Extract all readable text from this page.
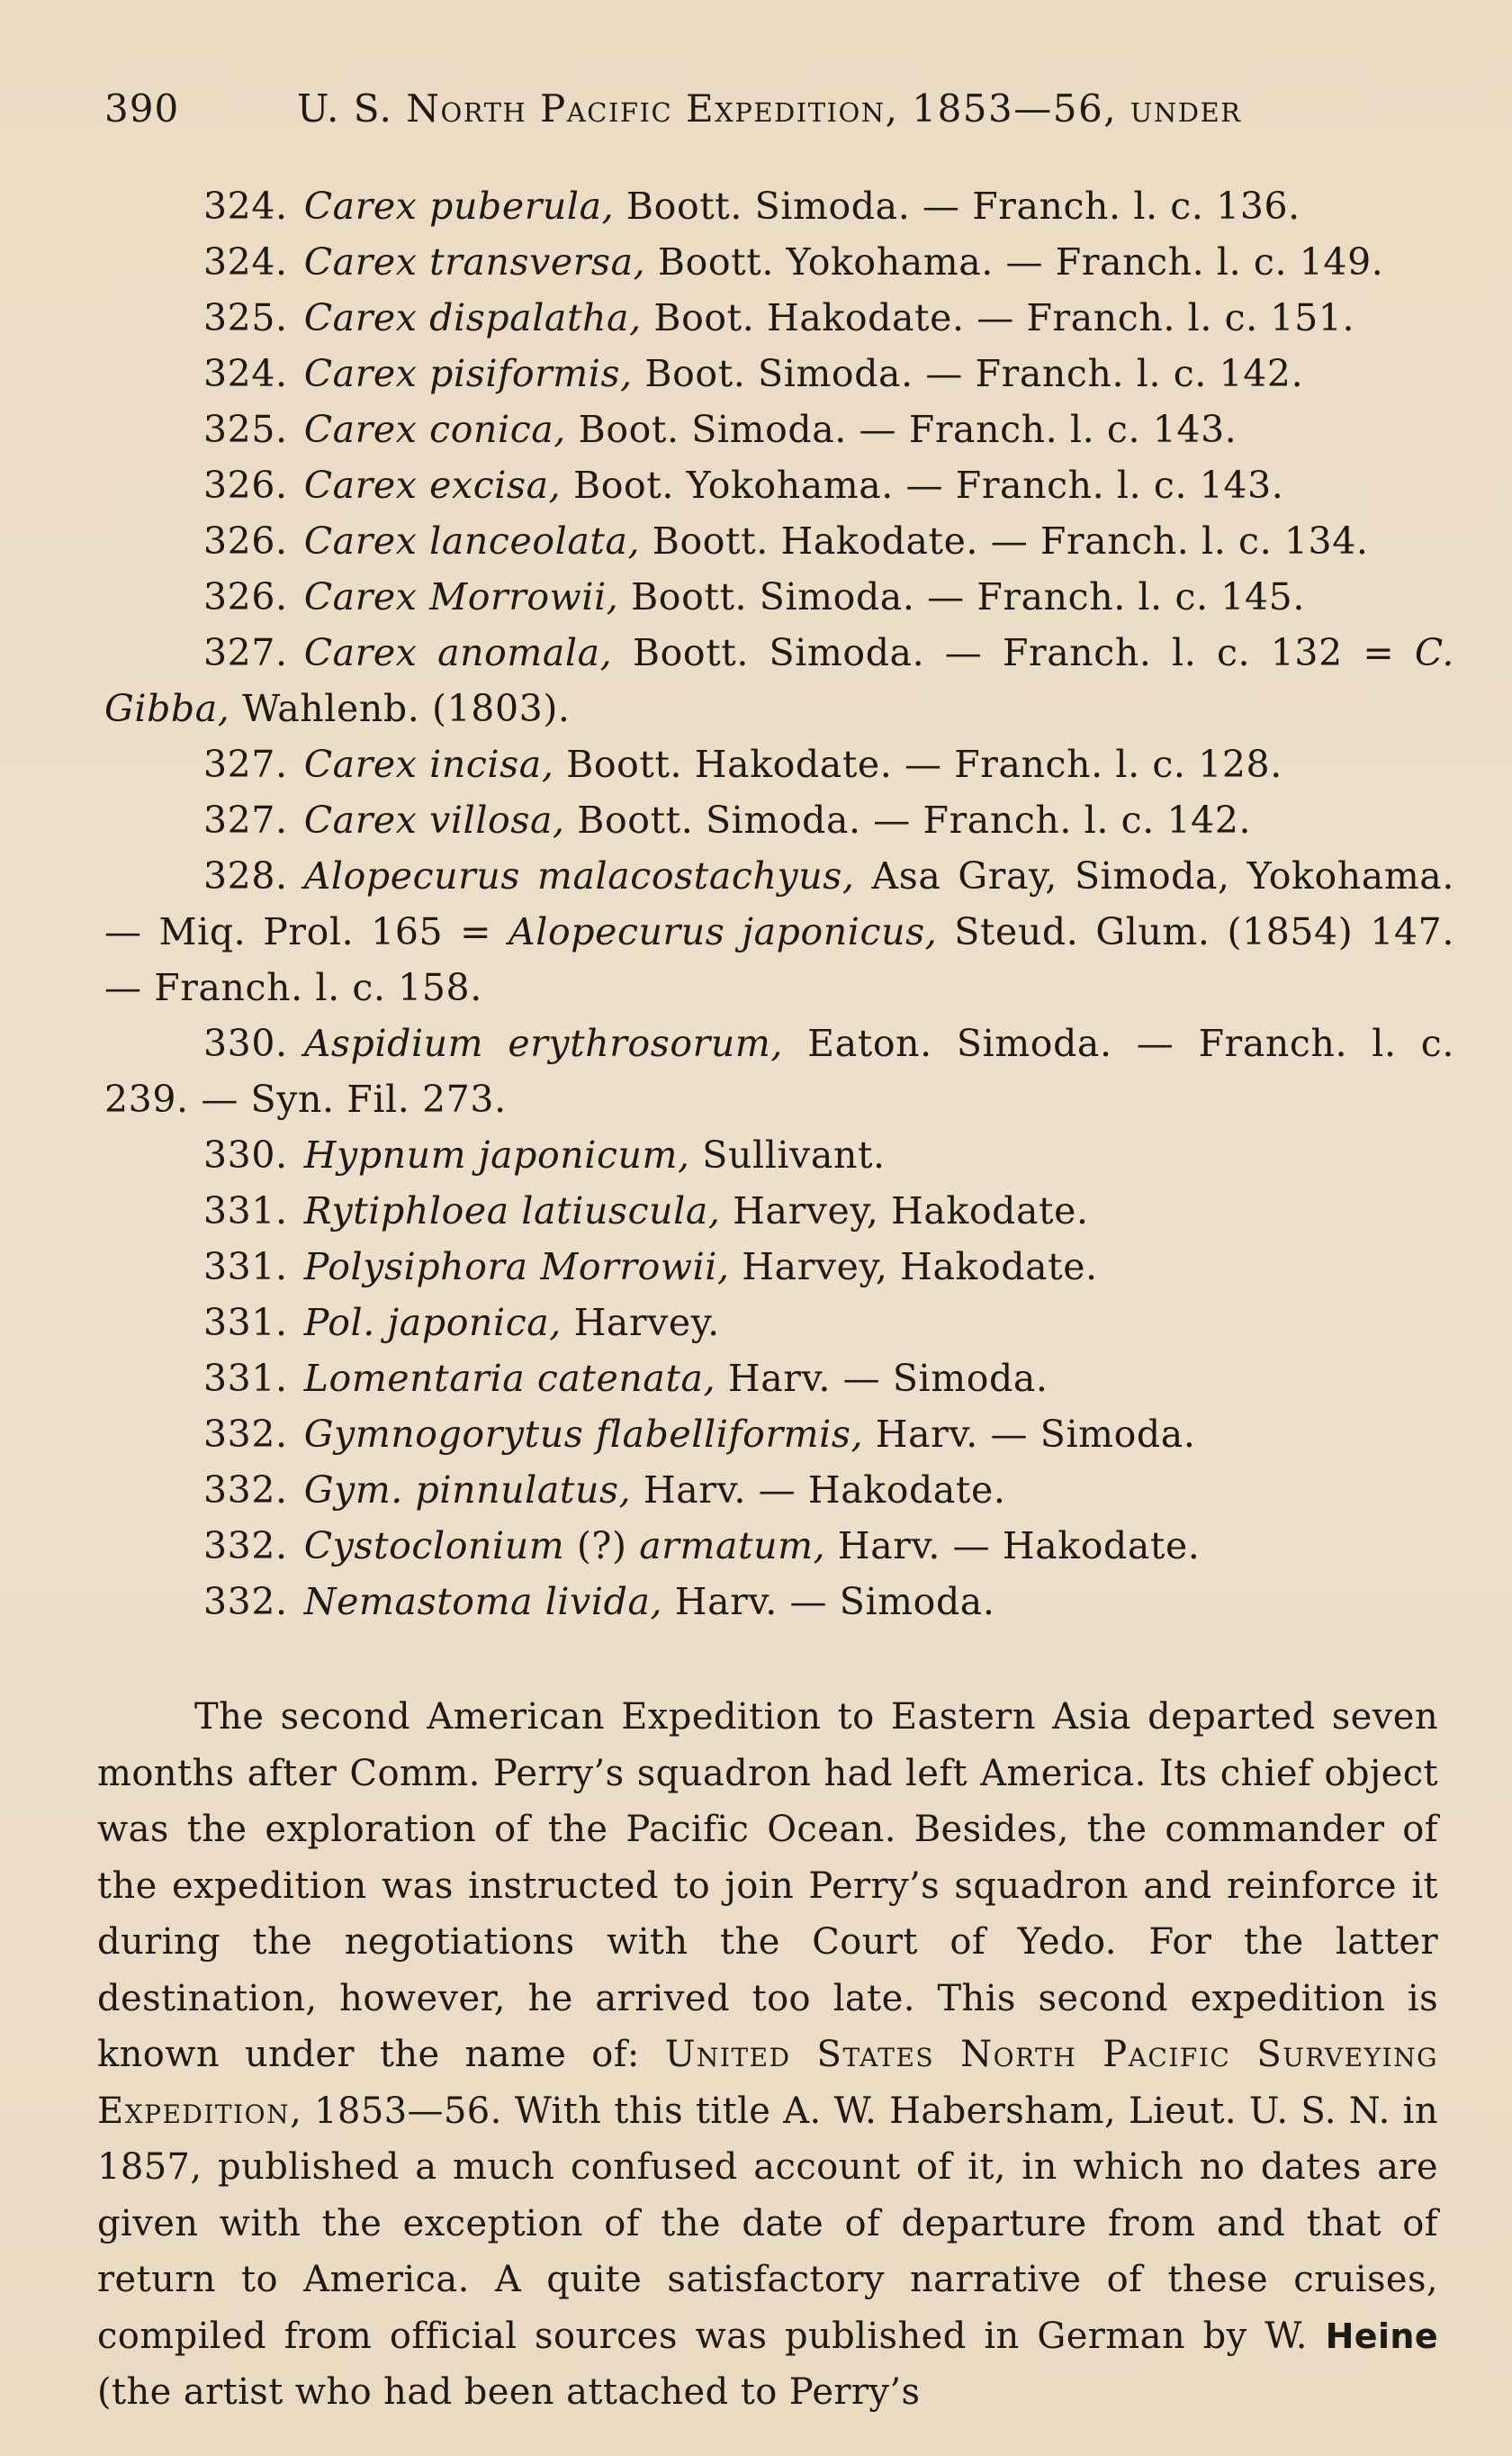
390	U. S. North Pacific Expedition, 1853—56, under

324. Carex puberula, Boott. Simoda. — Franch. l. c. 136.

324. Carex transversa, Boott. Yokohama. — Franch. l. c. 149.

325. Carex dispalatha, Boot. Hakodate. — Franch. l. c. 151.

324. Carex pisiformis, Boot. Simoda. — Franch. l. c. 142.

325. Carex conica, Boot. Simoda. — Franch. l. c. 143.

326. Carex excisa, Boot. Yokohama. — Franch. l. c. 143.

326. Carex lanceolata, Boott. Hakodate. — Franch. l. c. 134.

326. Carex Morrowii, Boott. Simoda. — Franch. l. c. 145.

327. Carex anomala, Boott. Simoda. — Franch. l. c. 132 = C. Gibba, Wahlenb. (1803).

327. Carex incisa, Boott. Hakodate. — Franch. l. c. 128.

327. Carex villosa, Boott. Simoda. — Franch. l. c. 142.

328. Alopecurus malacostachyus, Asa Gray, Simoda, Yokohama. — Miq. Prol. 165 = Alopecurus japonicus, Steud. Glum. (1854) 147. — Franch. l. c. 158.

330. Aspidium erythrosorum, Eaton. Simoda. — Franch. l. c. 239. — Syn. Fil. 273.

330. Hypnum japonicum, Sullivant.

331. Rytiphloea latiuscula, Harvey, Hakodate.

331. Polysiphora Morrowii, Harvey, Hakodate.

331. Pol. japonica, Harvey.

331. Lomentaria catenata, Harv. — Simoda.

332. Gymnogorytus flabelliformis, Harv. — Simoda.

332. Gym. pinnulatus, Harv. — Hakodate.

332. Cystoclonium (?) armatum, Harv. — Hakodate.

332. Nemastoma livida, Harv. — Simoda.

The second American Expedition to Eastern Asia departed seven months after Comm. Perry’s squadron had left America. Its chief object was the exploration of the Pacific Ocean. Besides, the commander of the expedition was instructed to join Perry’s squadron and reinforce it during the negotiations with the Court of Yedo. For the latter destination, however, he arrived too late. This second expedition is known under the name of: United States North Pacific Surveying Expedition, 1853—56. With this title A. W. Habersham, Lieut. U. S. N. in 1857, published a much confused account of it, in which no dates are given with the exception of the date of departure from and that of return to America. A quite satisfactory narrative of these cruises, compiled from official sources was published in German by W. Heine (the artist who had been attached to Perry’s
